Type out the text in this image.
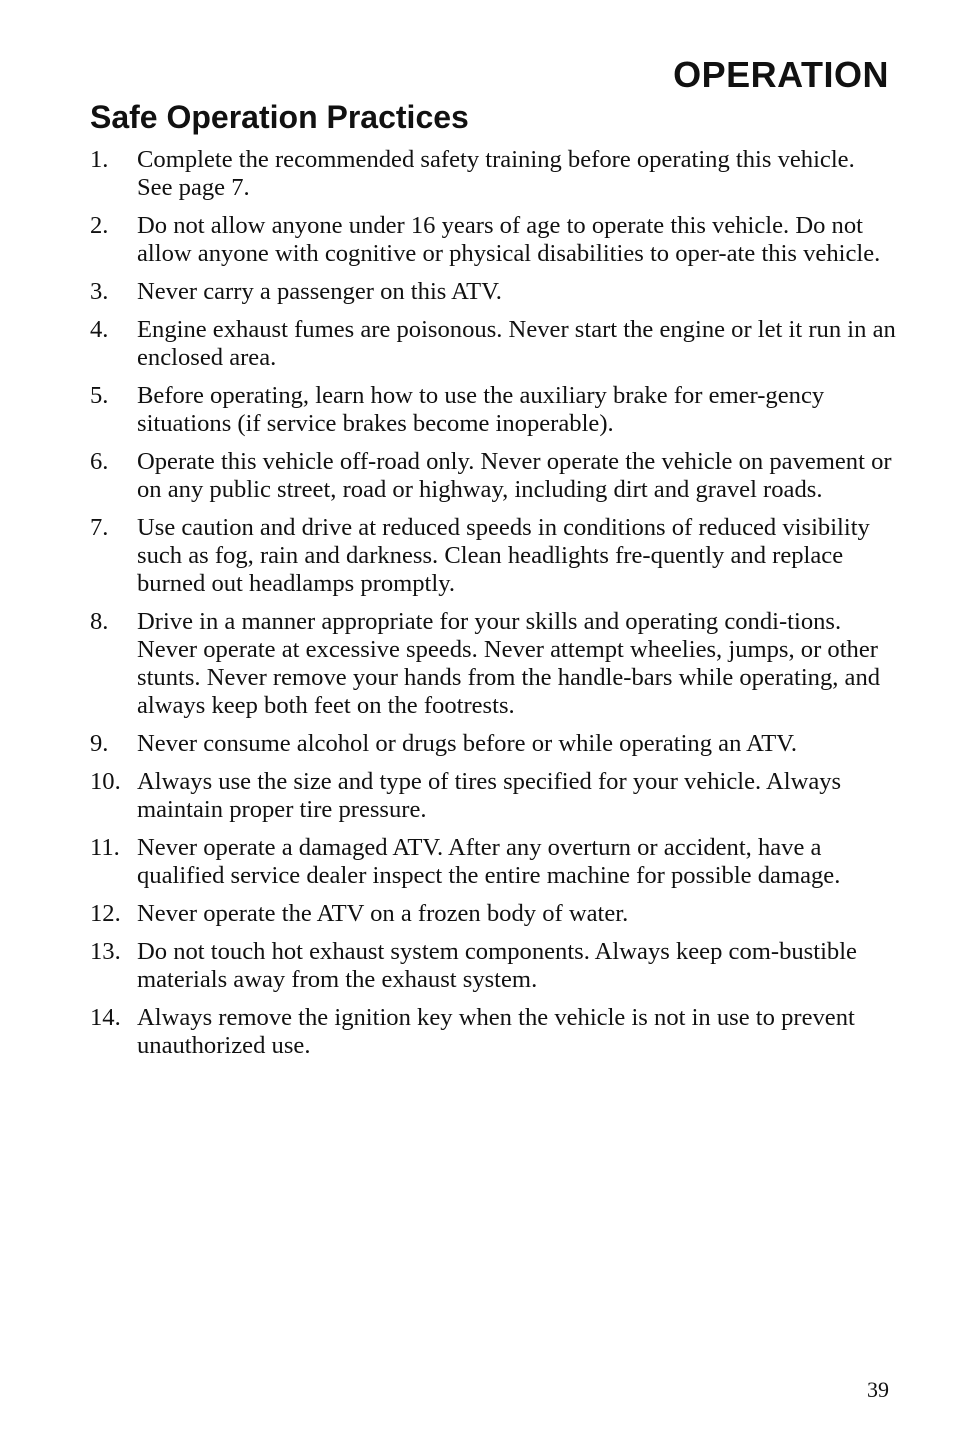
OPERATION
Safe Operation Practices
1. Complete the recommended safety training before operating this vehicle. See page 7.
2. Do not allow anyone under 16 years of age to operate this vehicle. Do not allow anyone with cognitive or physical disabilities to oper-ate this vehicle.
3. Never carry a passenger on this ATV.
4. Engine exhaust fumes are poisonous. Never start the engine or let it run in an enclosed area.
5. Before operating, learn how to use the auxiliary brake for emer-gency situations (if service brakes become inoperable).
6. Operate this vehicle off-road only. Never operate the vehicle on pavement or on any public street, road or highway, including dirt and gravel roads.
7. Use caution and drive at reduced speeds in conditions of reduced visibility such as fog, rain and darkness. Clean headlights fre-quently and replace burned out headlamps promptly.
8. Drive in a manner appropriate for your skills and operating condi-tions. Never operate at excessive speeds. Never attempt wheelies, jumps, or other stunts. Never remove your hands from the handle-bars while operating, and always keep both feet on the footrests.
9. Never consume alcohol or drugs before or while operating an ATV.
10. Always use the size and type of tires specified for your vehicle. Always maintain proper tire pressure.
11. Never operate a damaged ATV. After any overturn or accident, have a qualified service dealer inspect the entire machine for possible damage.
12. Never operate the ATV on a frozen body of water.
13. Do not touch hot exhaust system components. Always keep com-bustible materials away from the exhaust system.
14. Always remove the ignition key when the vehicle is not in use to prevent unauthorized use.

39
